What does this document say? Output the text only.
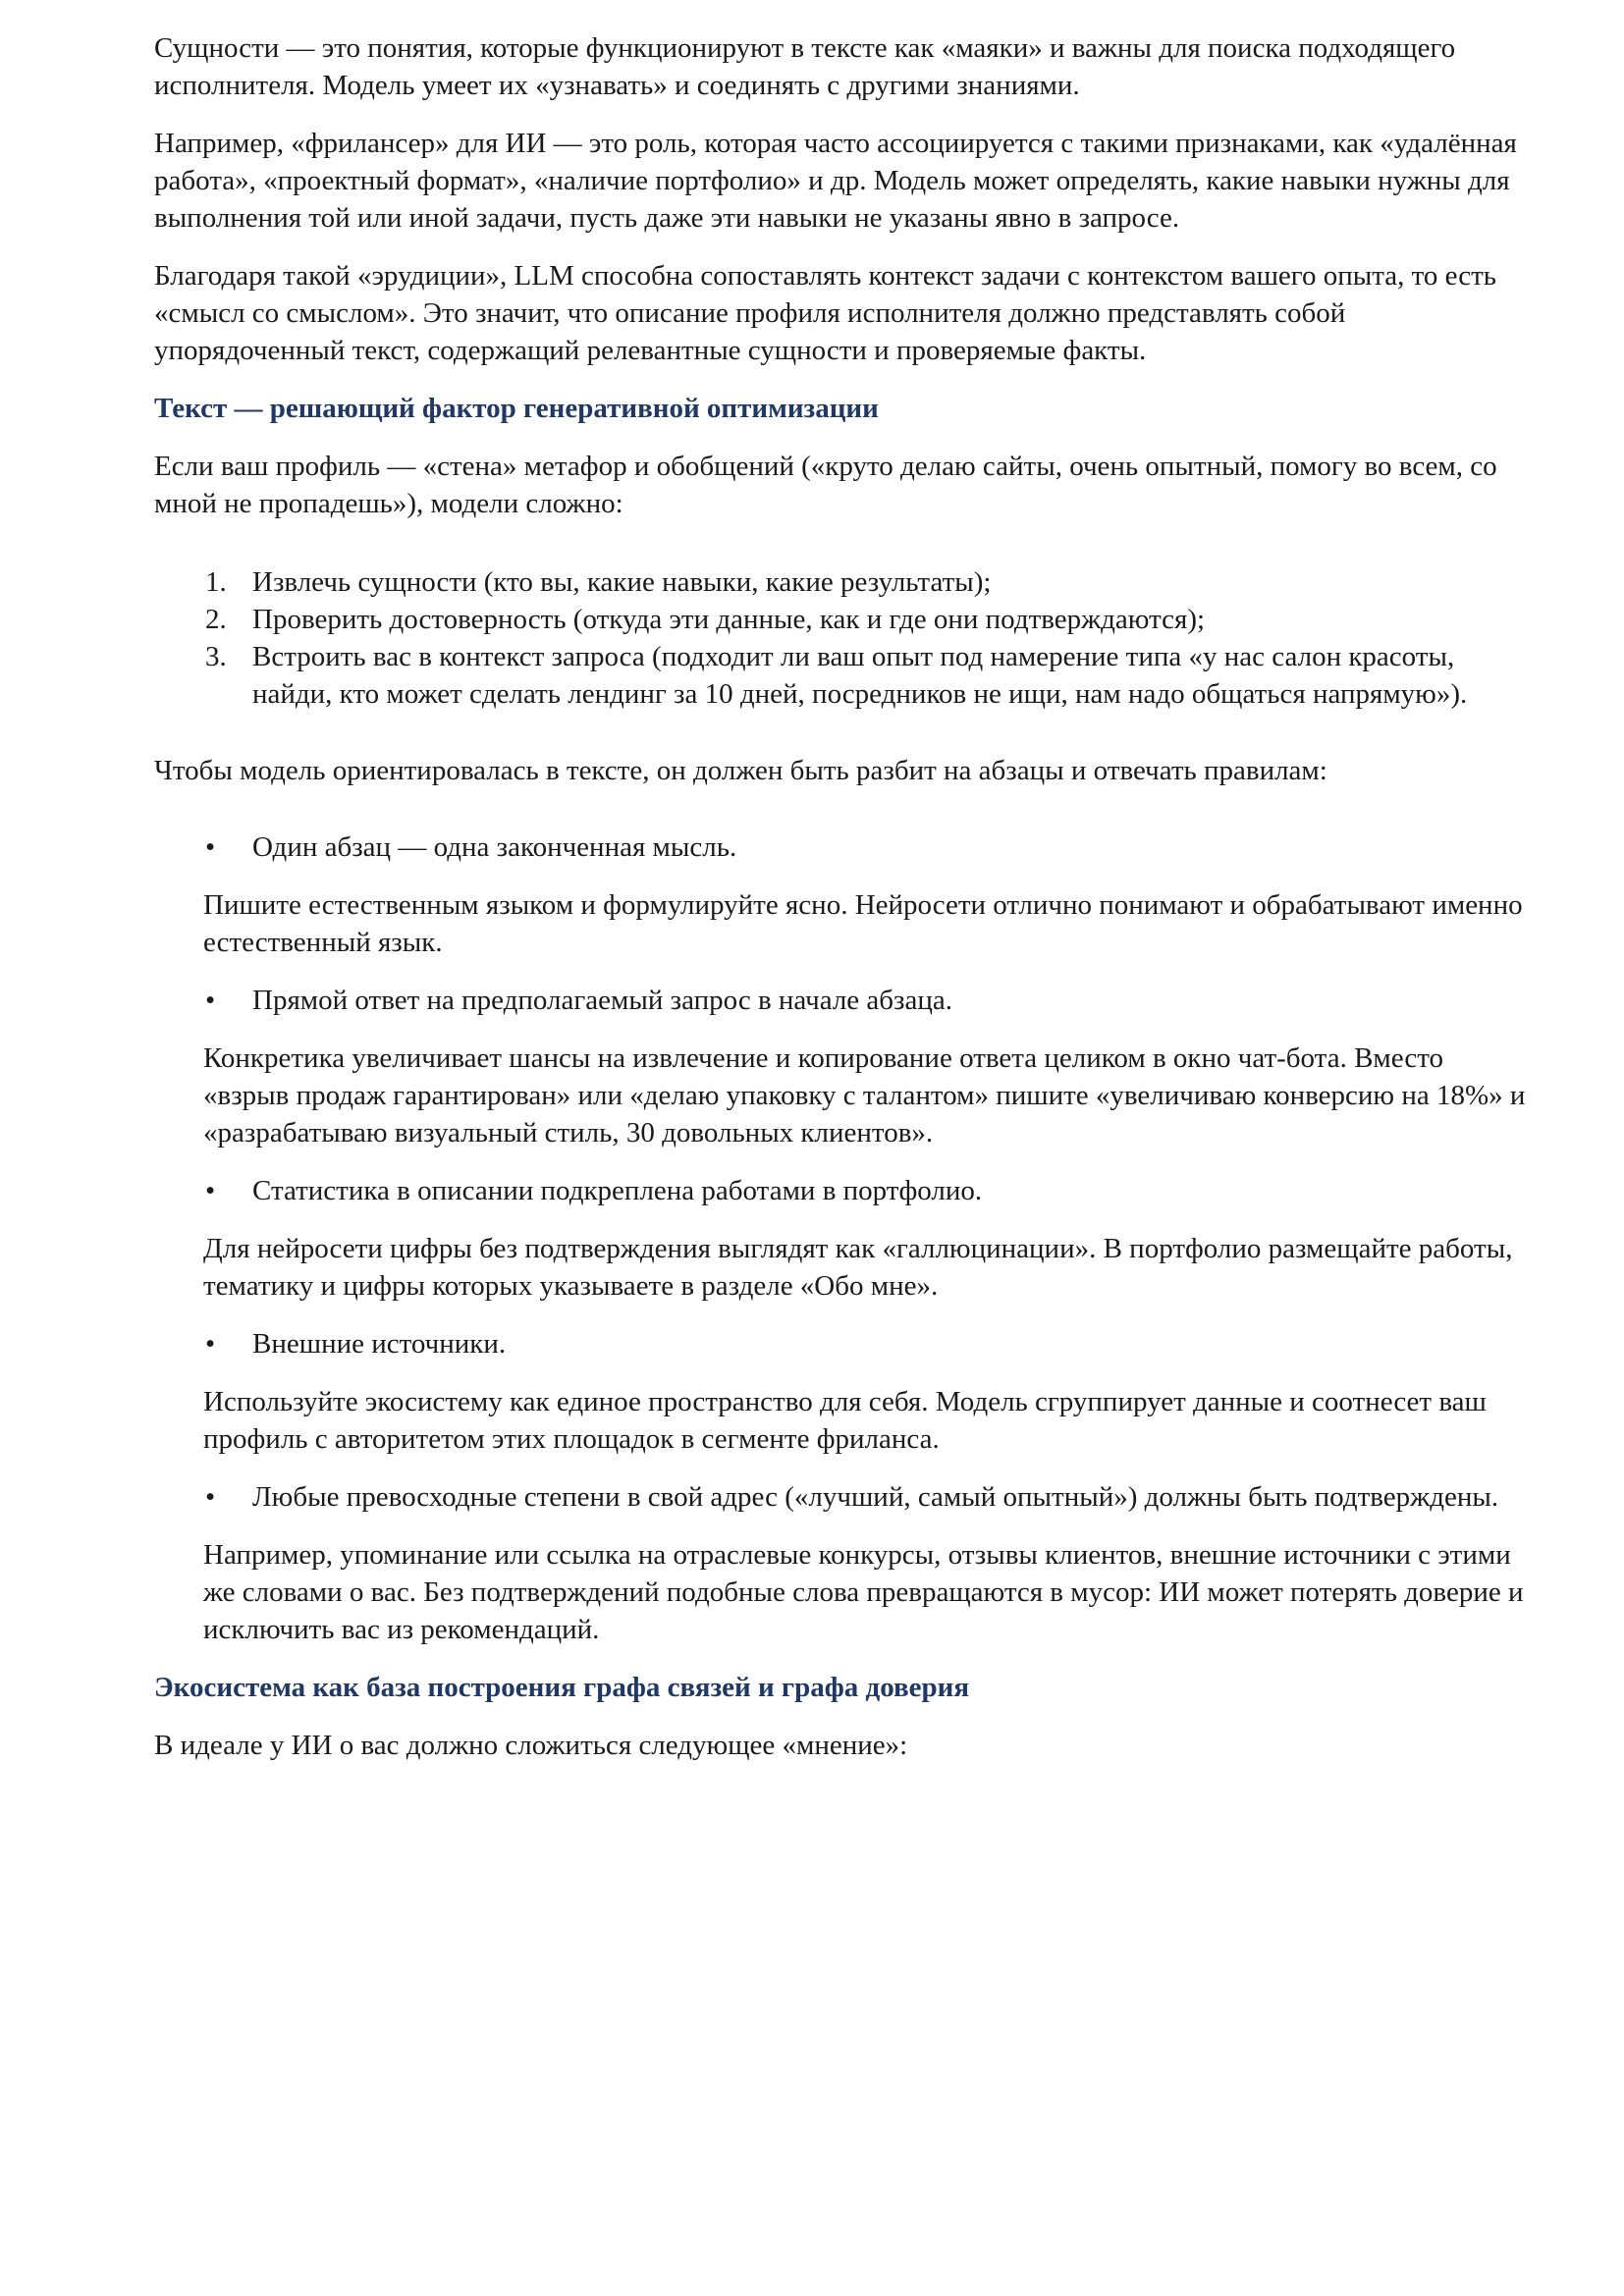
Сущности — это понятия, которые функционируют в тексте как «маяки» и важны для поиска подходящего исполнителя. Модель умеет их «узнавать» и соединять с другими знаниями.

Например, «фрилансер» для ИИ — это роль, которая часто ассоциируется с такими признаками, как «удалённая работа», «проектный формат», «наличие портфолио» и др. Модель может определять, какие навыки нужны для выполнения той или иной задачи, пусть даже эти навыки не указаны явно в запросе.

Благодаря такой «эрудиции», LLM способна сопоставлять контекст задачи с контекстом вашего опыта, то есть «смысл со смыслом». Это значит, что описание профиля исполнителя должно представлять собой упорядоченный текст, содержащий релевантные сущности и проверяемые факты.

Текст — решающий фактор генеративной оптимизации

Если ваш профиль — «стена» метафор и обобщений («круто делаю сайты, очень опытный, помогу во всем, со мной не пропадешь»), модели сложно:

1. Извлечь сущности (кто вы, какие навыки, какие результаты);
2. Проверить достоверность (откуда эти данные, как и где они подтверждаются);
3. Встроить вас в контекст запроса (подходит ли ваш опыт под намерение типа «у нас салон красоты, найди, кто может сделать лендинг за 10 дней, посредников не ищи, нам надо общаться напрямую»).

Чтобы модель ориентировалась в тексте, он должен быть разбит на абзацы и отвечать правилам:

• Один абзац — одна законченная мысль.

Пишите естественным языком и формулируйте ясно. Нейросети отлично понимают и обрабатывают именно естественный язык.

• Прямой ответ на предполагаемый запрос в начале абзаца.

Конкретика увеличивает шансы на извлечение и копирование ответа целиком в окно чат-бота. Вместо «взрыв продаж гарантирован» или «делаю упаковку с талантом» пишите «увеличиваю конверсию на 18%» и «разрабатываю визуальный стиль, 30 довольных клиентов».

• Статистика в описании подкреплена работами в портфолио.

Для нейросети цифры без подтверждения выглядят как «галлюцинации». В портфолио размещайте работы, тематику и цифры которых указываете в разделе «Обо мне».

• Внешние источники.

Используйте экосистему как единое пространство для себя. Модель сгруппирует данные и соотнесет ваш профиль с авторитетом этих площадок в сегменте фриланса.

• Любые превосходные степени в свой адрес («лучший, самый опытный») должны быть подтверждены.

Например, упоминание или ссылка на отраслевые конкурсы, отзывы клиентов, внешние источники с этими же словами о вас. Без подтверждений подобные слова превращаются в мусор: ИИ может потерять доверие и исключить вас из рекомендаций.

Экосистема как база построения графа связей и графа доверия

В идеале у ИИ о вас должно сложиться следующее «мнение»:
